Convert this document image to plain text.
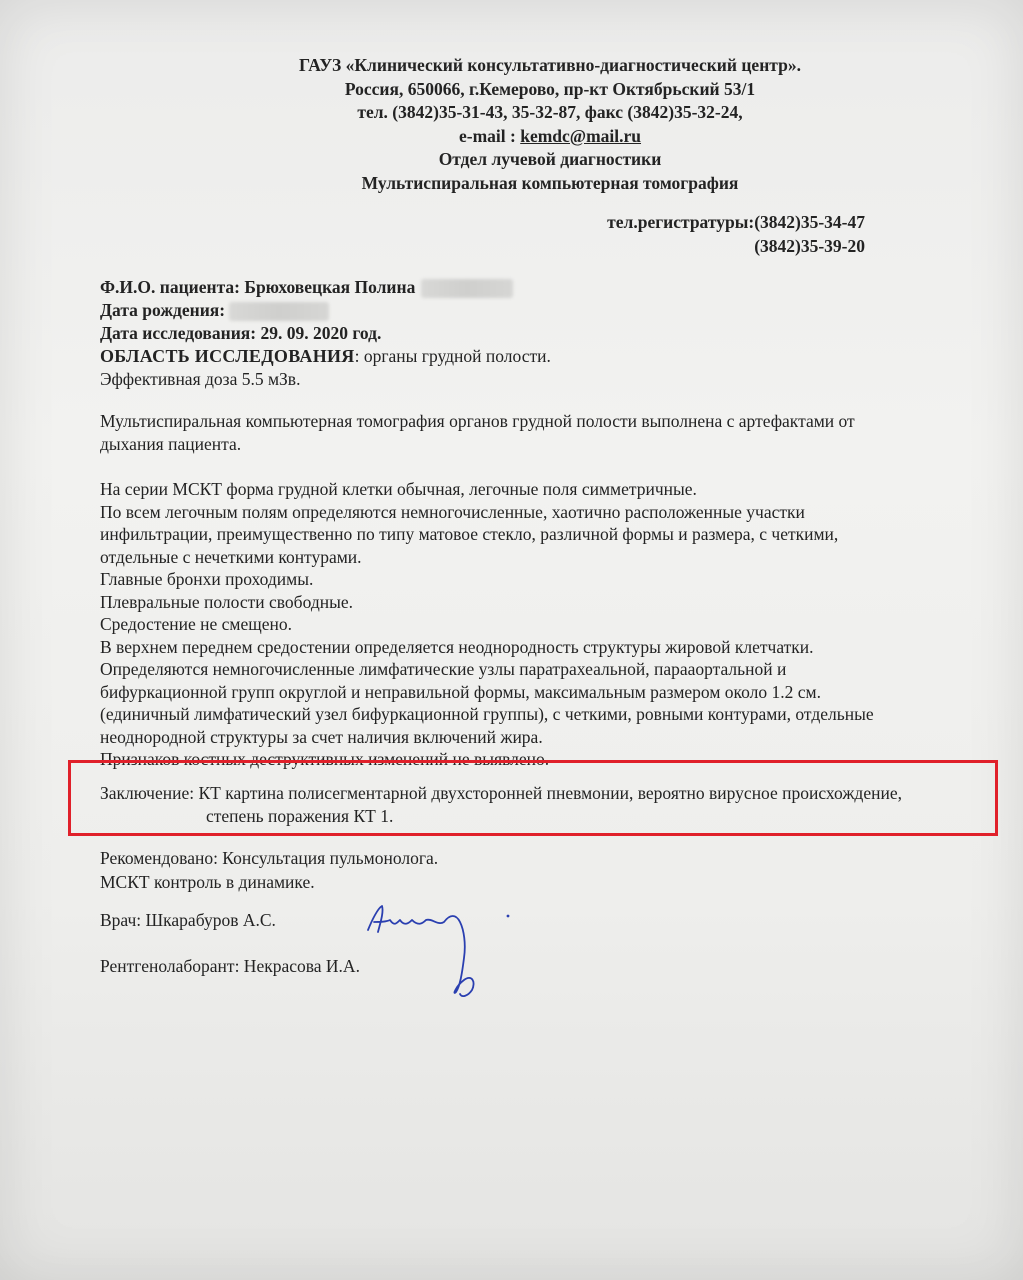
ГАУЗ «Клинический консультативно-диагностический центр».
Россия, 650066, г.Кемерово, пр-кт Октябрьский 53/1
тел. (3842)35-31-43, 35-32-87, факс (3842)35-32-24,
e-mail : kemdc@mail.ru
Отдел лучевой диагностики
Мультиспиральная компьютерная томография
тел.регистратуры:(3842)35-34-47
(3842)35-39-20
Ф.И.О. пациента: Брюховецкая Полина
Дата рождения:
Дата исследования: 29. 09. 2020 год.
ОБЛАСТЬ ИССЛЕДОВАНИЯ: органы грудной полости.
Эффективная доза 5.5 мЗв.

Мультиспиральная компьютерная томография органов грудной полости выполнена с артефактами от

дыхания пациента.

На серии МСКТ форма грудной клетки обычная, легочные поля симметричные.

По всем легочным полям определяются немногочисленные, хаотично расположенные участки

инфильтрации, преимущественно по типу матовое стекло, различной формы и размера, с четкими,

отдельные с нечеткими контурами.

Главные бронхи проходимы.

Плевральные полости свободные.

Средостение не смещено.

В верхнем переднем средостении определяется неоднородность структуры жировой клетчатки.

Определяются немногочисленные лимфатические узлы паратрахеальной, парааортальной и

бифуркационной групп округлой и неправильной формы, максимальным размером около 1.2 см.

(единичный лимфатический узел бифуркационной группы), с четкими, ровными контурами, отдельные

неоднородной структуры за счет наличия включений жира.

Признаков костных деструктивных изменений не выявлено.

Заключение: КТ картина полисегментарной двухсторонней пневмонии, вероятно вирусное происхождение,
степень поражения КТ 1.
Рекомендовано: Консультация пульмонолога.
МСКТ контроль в динамике.
Врач: Шкарабуров А.С.
Рентгенолаборант: Некрасова И.А.
